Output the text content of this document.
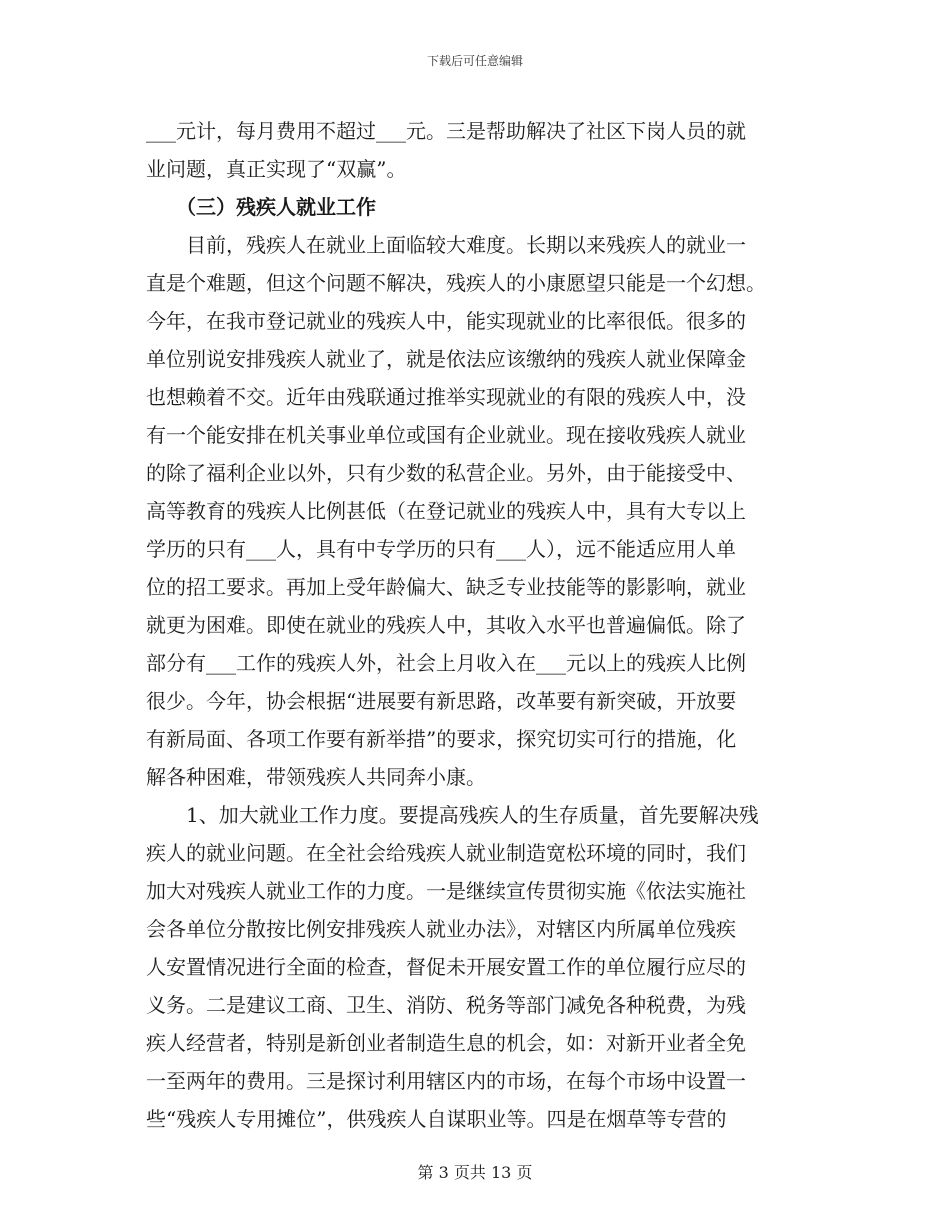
下载后可任意编辑
___元计，每月费用不超过___元。三是帮助解决了社区下岗人员的就
业问题，真正实现了“双赢”。
　　（三）残疾人就业工作
　　目前，残疾人在就业上面临较大难度。长期以来残疾人的就业一
直是个难题，但这个问题不解决，残疾人的小康愿望只能是一个幻想。
今年，在我市登记就业的残疾人中，能实现就业的比率很低。很多的
单位别说安排残疾人就业了，就是依法应该缴纳的残疾人就业保障金
也想赖着不交。近年由残联通过推举实现就业的有限的残疾人中，没
有一个能安排在机关事业单位或国有企业就业。现在接收残疾人就业
的除了福利企业以外，只有少数的私营企业。另外，由于能接受中、
高等教育的残疾人比例甚低（在登记就业的残疾人中，具有大专以上
学历的只有___人，具有中专学历的只有___人），远不能适应用人单
位的招工要求。再加上受年龄偏大、缺乏专业技能等的影影响，就业
就更为困难。即使在就业的残疾人中，其收入水平也普遍偏低。除了
部分有___工作的残疾人外，社会上月收入在___元以上的残疾人比例
很少。今年，协会根据“进展要有新思路，改革要有新突破，开放要
有新局面、各项工作要有新举措”的要求，探究切实可行的措施，化
解各种困难，带领残疾人共同奔小康。
　　1、加大就业工作力度。要提高残疾人的生存质量，首先要解决残
疾人的就业问题。在全社会给残疾人就业制造宽松环境的同时，我们
加大对残疾人就业工作的力度。一是继续宣传贯彻实施《依法实施社
会各单位分散按比例安排残疾人就业办法》，对辖区内所属单位残疾
人安置情况进行全面的检查，督促未开展安置工作的单位履行应尽的
义务。二是建议工商、卫生、消防、税务等部门减免各种税费，为残
疾人经营者，特别是新创业者制造生息的机会，如：对新开业者全免
一至两年的费用。三是探讨利用辖区内的市场，在每个市场中设置一
些“残疾人专用摊位”，供残疾人自谋职业等。四是在烟草等专营的
第 3 页共 13 页
